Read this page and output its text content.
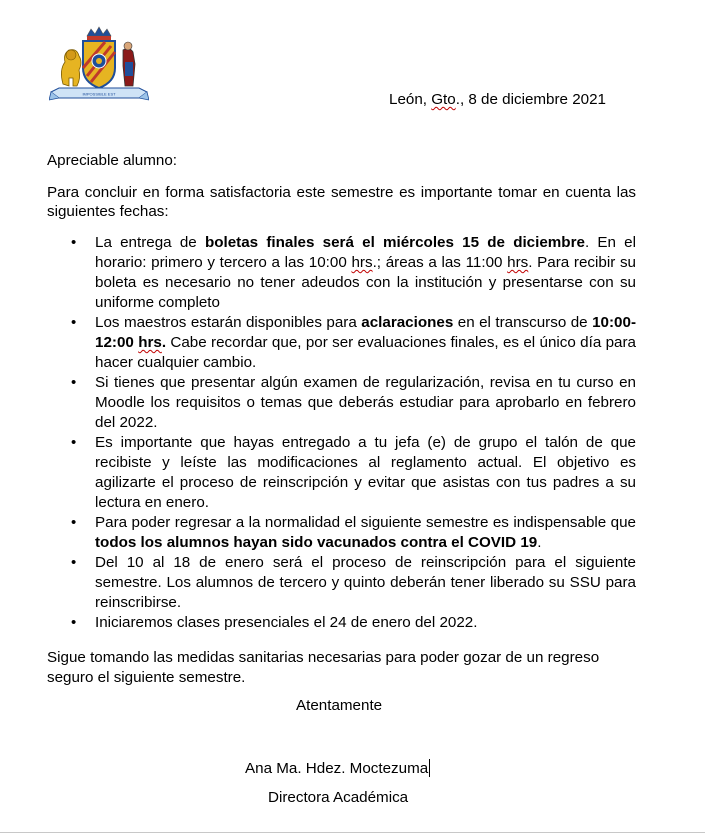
IMPOSSIBLE EST	León, Gto., 8 de diciembre 2021
Apreciable alumno:
Para concluir en forma satisfactoria este semestre es importante tomar en cuenta las siguientes fechas:
• La entrega de boletas finales será el miércoles 15 de diciembre. En el horario: primero y tercero a las 10:00 hrs.; áreas a las 11:00 hrs. Para recibir su boleta es necesario no tener adeudos con la institución y presentarse con su uniforme completo
• Los maestros estarán disponibles para aclaraciones en el transcurso de 10:00-12:00 hrs. Cabe recordar que, por ser evaluaciones finales, es el único día para hacer cualquier cambio.
• Si tienes que presentar algún examen de regularización, revisa en tu curso en Moodle los requisitos o temas que deberás estudiar para aprobarlo en febrero del 2022.
• Es importante que hayas entregado a tu jefa (e) de grupo el talón de que recibiste y leíste las modificaciones al reglamento actual. El objetivo es agilizarte el proceso de reinscripción y evitar que asistas con tus padres a su lectura en enero.
• Para poder regresar a la normalidad el siguiente semestre es indispensable que todos los alumnos hayan sido vacunados contra el COVID 19.
• Del 10 al 18 de enero será el proceso de reinscripción para el siguiente semestre. Los alumnos de tercero y quinto deberán tener liberado su SSU para reinscribirse.
• Iniciaremos clases presenciales el 24 de enero del 2022.
Sigue tomando las medidas sanitarias necesarias para poder gozar de un regreso seguro el siguiente semestre.
Atentamente
Ana Ma. Hdez. Moctezuma
Directora Académica
